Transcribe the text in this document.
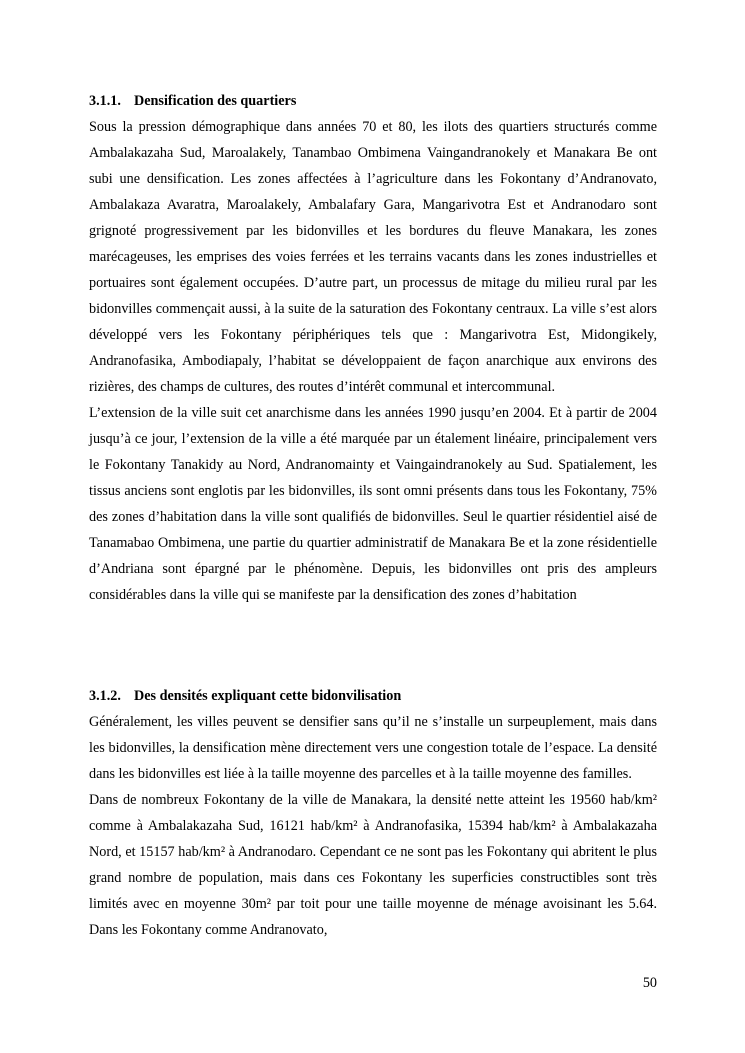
3.1.1. Densification des quartiers

Sous la pression démographique dans années 70 et 80, les ilots des quartiers structurés comme Ambalakazaha Sud, Maroalakely, Tanambao Ombimena Vaingandranokely et Manakara Be ont subi une densification. Les zones affectées à l’agriculture dans les Fokontany d’Andranovato, Ambalakaza Avaratra, Maroalakely, Ambalafary Gara, Mangarivotra Est et Andranodaro sont grignoté progressivement par les bidonvilles et les bordures du fleuve Manakara, les zones marécageuses, les emprises des voies ferrées et les terrains vacants dans les zones industrielles et portuaires sont également occupées. D’autre part, un processus de mitage du milieu rural par les bidonvilles commençait aussi, à la suite de la saturation des Fokontany centraux. La ville s’est alors développé vers les Fokontany périphériques tels que : Mangarivotra Est, Midongikely, Andranofasika, Ambodiapaly, l’habitat se développaient de façon anarchique aux environs des rizières, des champs de cultures, des routes d’intérêt communal et intercommunal.

L’extension de la ville suit cet anarchisme dans les années 1990 jusqu’en 2004. Et à partir de 2004 jusqu’à ce jour, l’extension de la ville a été marquée par un étalement linéaire, principalement vers le Fokontany Tanakidy au Nord, Andranomainty et Vaingaindranokely au Sud. Spatialement, les tissus anciens sont englotis par les bidonvilles, ils sont omni présents dans tous les Fokontany, 75% des zones d’habitation dans la ville sont qualifiés de bidonvilles. Seul le quartier résidentiel aisé de Tanamabao Ombimena, une partie du quartier administratif de Manakara Be et la zone résidentielle d’Andriana sont épargné par le phénomène. Depuis, les bidonvilles ont pris des ampleurs considérables dans la ville qui se manifeste par la densification des zones d’habitation

3.1.2. Des densités expliquant cette bidonvilisation

Généralement, les villes peuvent se densifier sans qu’il ne s’installe un surpeuplement, mais dans les bidonvilles, la densification mène directement vers une congestion totale de l’espace. La densité dans les bidonvilles est liée à la taille moyenne des parcelles et à la taille moyenne des familles.

Dans de nombreux Fokontany de la ville de Manakara, la densité nette atteint les 19560 hab/km² comme à Ambalakazaha Sud, 16121 hab/km² à Andranofasika, 15394 hab/km² à Ambalakazaha Nord, et 15157 hab/km² à Andranodaro. Cependant ce ne sont pas les Fokontany qui abritent le plus grand nombre de population, mais dans ces Fokontany les superficies constructibles sont très limités avec en moyenne 30m² par toit pour une taille moyenne de ménage avoisinant les 5.64. Dans les Fokontany comme Andranovato,

50
